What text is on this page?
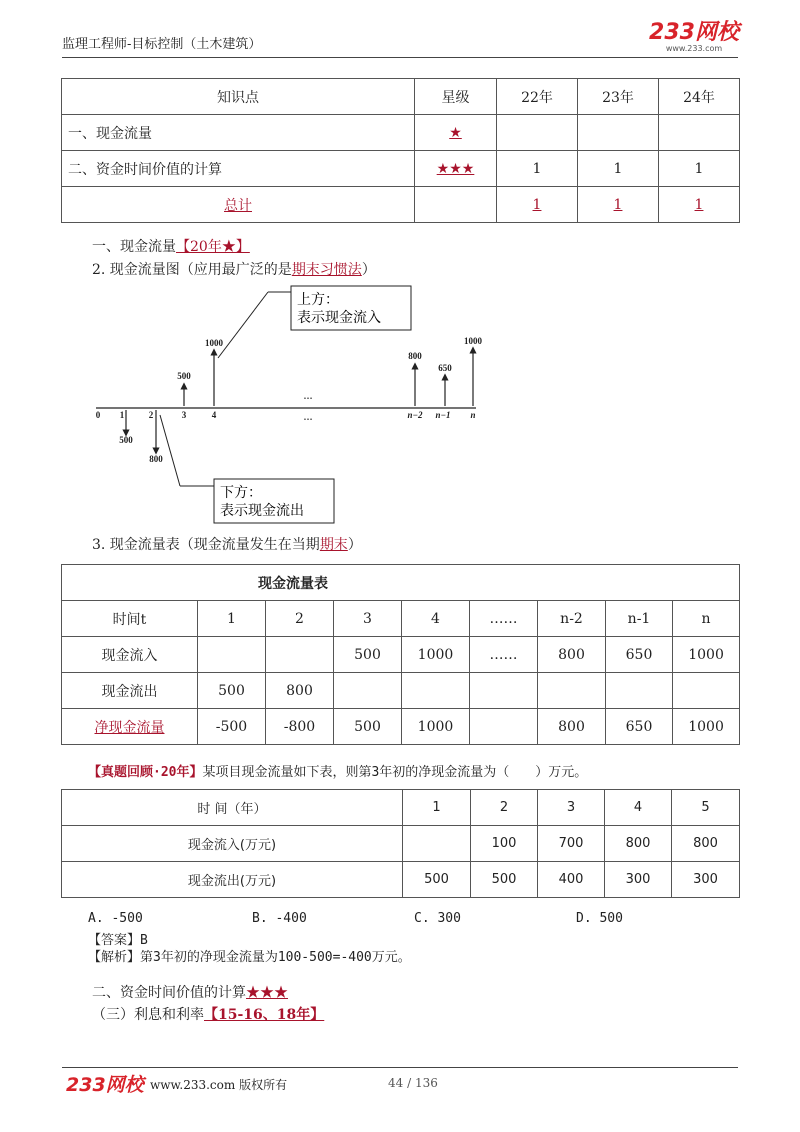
监理工程师-目标控制（土木建筑）	233网校
www.233.com
知识点	星级	22年	23年	24年
一、现金流量	★			
二、资金时间价值的计算	★★★	1	1	1
总计		1	1	1
一、现金流量【20年★】
2. 现金流量图（应用最广泛的是期末习惯法）
0 1	2	3	4	n−2 n−1 n
…
…
500
1000
800
650
1000
500
800
上方：
表示现金流入
下方：
表示现金流出
3. 现金流量表（现金流量发生在当期期末）
现金流量表								
时间t	1	2	3	4	……	n-2	n-1	n
现金流入			500	1000	……	800	650	1000
现金流出	500	800						
净现金流量	-500	-800	500	1000		800	650	1000
【真题回顾·20年】某项目现金流量如下表，则第3年初的净现金流量为（　　）万元。
时 间（年）	1	2	3	4	5
现金流入(万元)		100	700	800	800
现金流出(万元)	500	500	400	300	300
A. -500	B. -400	C. 300	D. 500
【答案】B
【解析】第3年初的净现金流量为100-500=-400万元。
二、资金时间价值的计算★★★
（三）利息和利率【15-16、18年】
233网校 www.233.com 版权所有	44 / 136
